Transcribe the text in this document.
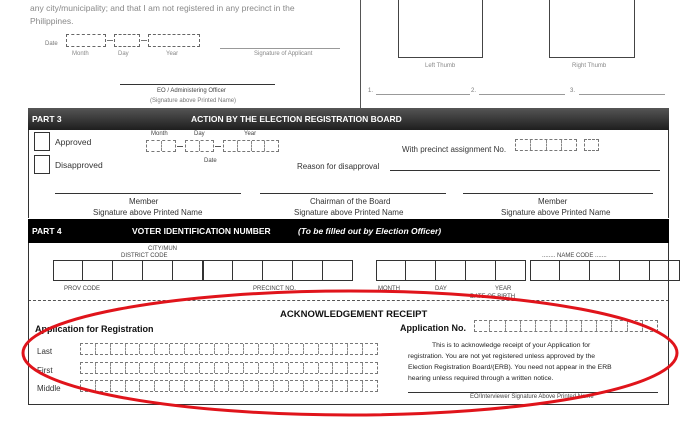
any city/municipality; and that I am not registered in any precinct in the
Philippines.
Date
Month	Day	Year	Signature of Applicant
EO / Administering Officer
(Signature above Printed Name)
Left Thumb	Right Thumb
1.	2.	3.
PART 3	ACTION BY THE ELECTION REGISTRATION BOARD
Approved
Disapproved
Month	Day	Year
Date
With precinct assignment No.
Reason for disapproval
Member
Signature above Printed Name
Chairman of the Board
Signature above Printed Name
Member
Signature above Printed Name
PART 4	VOTER IDENTIFICATION NUMBER	(To be filled out by Election Officer)
CITY/MUN
DISTRICT CODE	........ NAME CODE .......
PROV CODE	PRECINCT NO.	MONTH	DAY	YEAR
DATE OF BIRTH
ACKNOWLEDGEMENT RECEIPT
Application for Registration	Application No.
Last
First
Middle
This is to acknowledge receipt of your Application for
registration. You are not yet registered unless approved by the
Election Registration Board/(ERB). You need not appear in the ERB
hearing unless required through a written notice.
EO/Interviewer Signature Above Printed Name
